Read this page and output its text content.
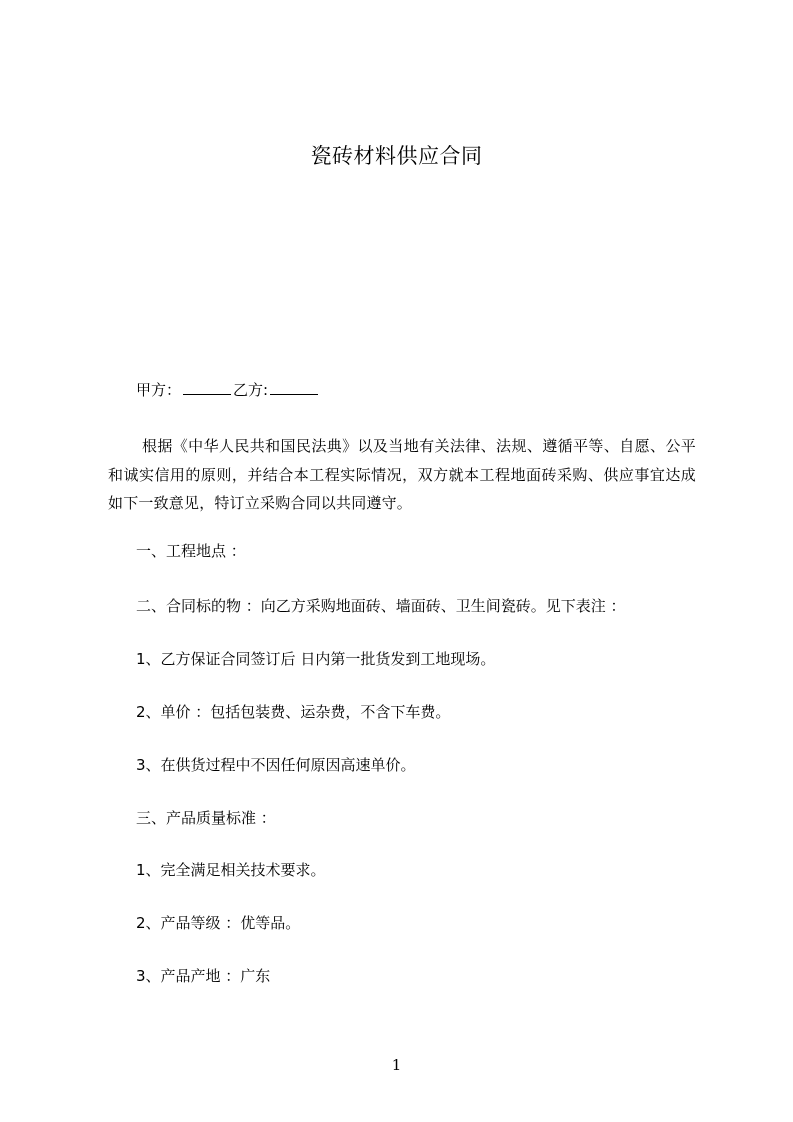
瓷砖材料供应合同
甲方：	乙方:
根据《中华人民共和国民法典》以及当地有关法律、法规、遵循平等、自愿、公平和诚实信用的原则，并结合本工程实际情况，双方就本工程地面砖采购、供应事宜达成如下一致意见，特订立采购合同以共同遵守。
一、工程地点 ：
二、合同标的物 ：向乙方采购地面砖、墙面砖、卫生间瓷砖。见下表注 ：
1、乙方保证合同签订后 日内第一批货发到工地现场。
2、单价 ：包括包装费、运杂费，不含下车费。
3、在供货过程中不因任何原因高速单价。
三、产品质量标准 ：
1、完全满足相关技术要求。
2、产品等级 ：优等品。
3、产品产地 ：广东
1
